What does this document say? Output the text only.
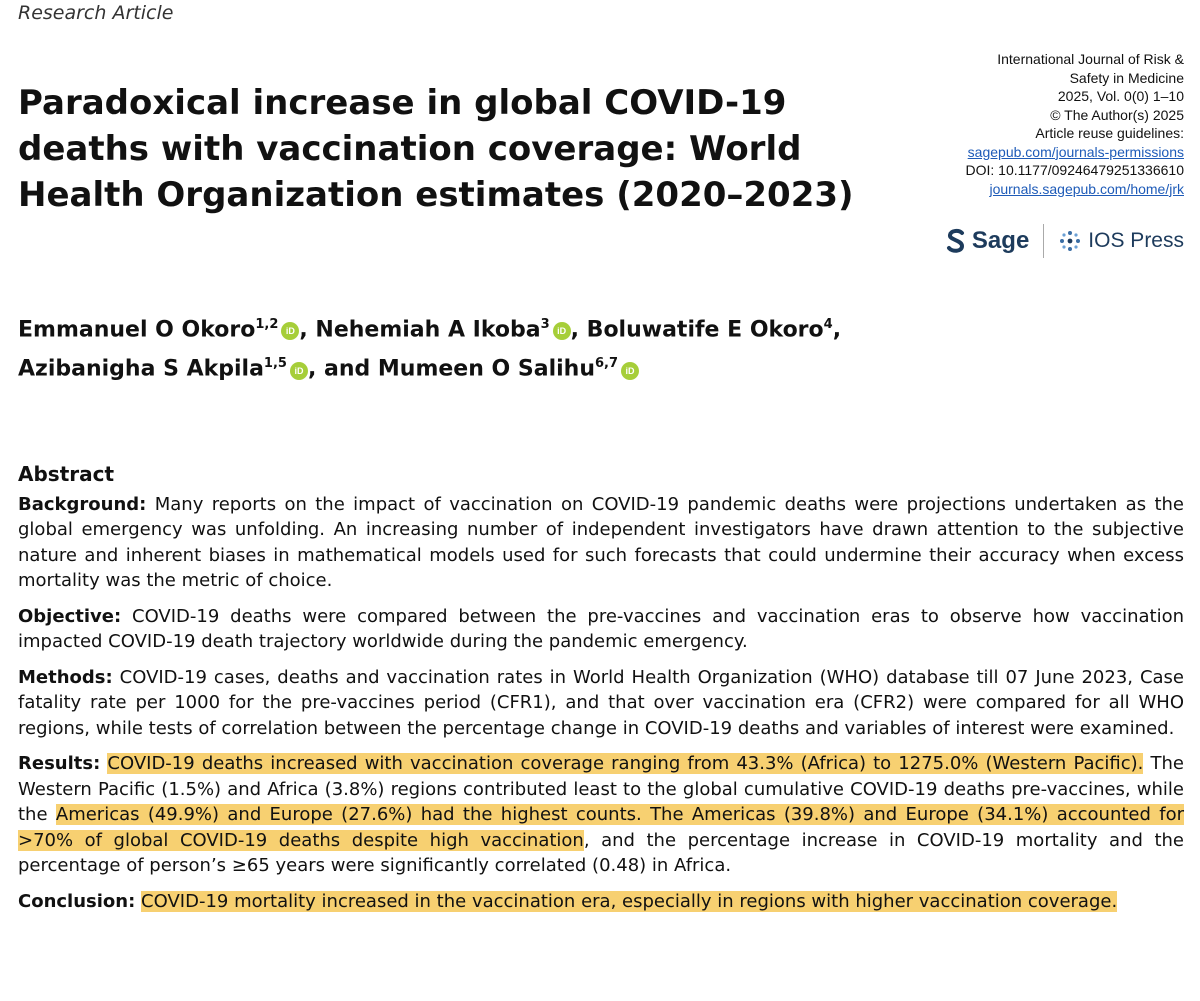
Research Article
International Journal of Risk &
Safety in Medicine
2025, Vol. 0(0) 1–10
© The Author(s) 2025
Article reuse guidelines:
sagepub.com/journals-permissions
DOI: 10.1177/09246479251336610
journals.sagepub.com/home/jrk
Sage	IOS Press
Paradoxical increase in global COVID-19 deaths with vaccination coverage: World Health Organization estimates (2020–2023)
Emmanuel O Okoro$^{1,2}$ iD , Nehemiah A Ikoba$^3$ iD , Boluwatife E Okoro$^4$,
Azibanigha S Akpila$^{1,5}$ iD , and Mumeen O Salihu$^{6,7}$ iD
Abstract

Background: Many reports on the impact of vaccination on COVID-19 pandemic deaths were projections undertaken as the global emergency was unfolding. An increasing number of independent investigators have drawn attention to the subjective nature and inherent biases in mathematical models used for such forecasts that could undermine their accuracy when excess mortality was the metric of choice.

Objective: COVID-19 deaths were compared between the pre-vaccines and vaccination eras to observe how vaccination impacted COVID-19 death trajectory worldwide during the pandemic emergency.

Methods: COVID-19 cases, deaths and vaccination rates in World Health Organization (WHO) database till 07 June 2023, Case fatality rate per 1000 for the pre-vaccines period (CFR1), and that over vaccination era (CFR2) were compared for all WHO regions, while tests of correlation between the percentage change in COVID-19 deaths and variables of interest were examined.

Results: COVID-19 deaths increased with vaccination coverage ranging from 43.3% (Africa) to 1275.0% (Western Pacific). The Western Pacific (1.5%) and Africa (3.8%) regions contributed least to the global cumulative COVID-19 deaths pre-vaccines, while the Americas (49.9%) and Europe (27.6%) had the highest counts. The Americas (39.8%) and Europe (34.1%) accounted for >70% of global COVID-19 deaths despite high vaccination, and the percentage increase in COVID-19 mortality and the percentage of person’s ≥65 years were significantly correlated (0.48) in Africa.

Conclusion: COVID-19 mortality increased in the vaccination era, especially in regions with higher vaccination coverage.
